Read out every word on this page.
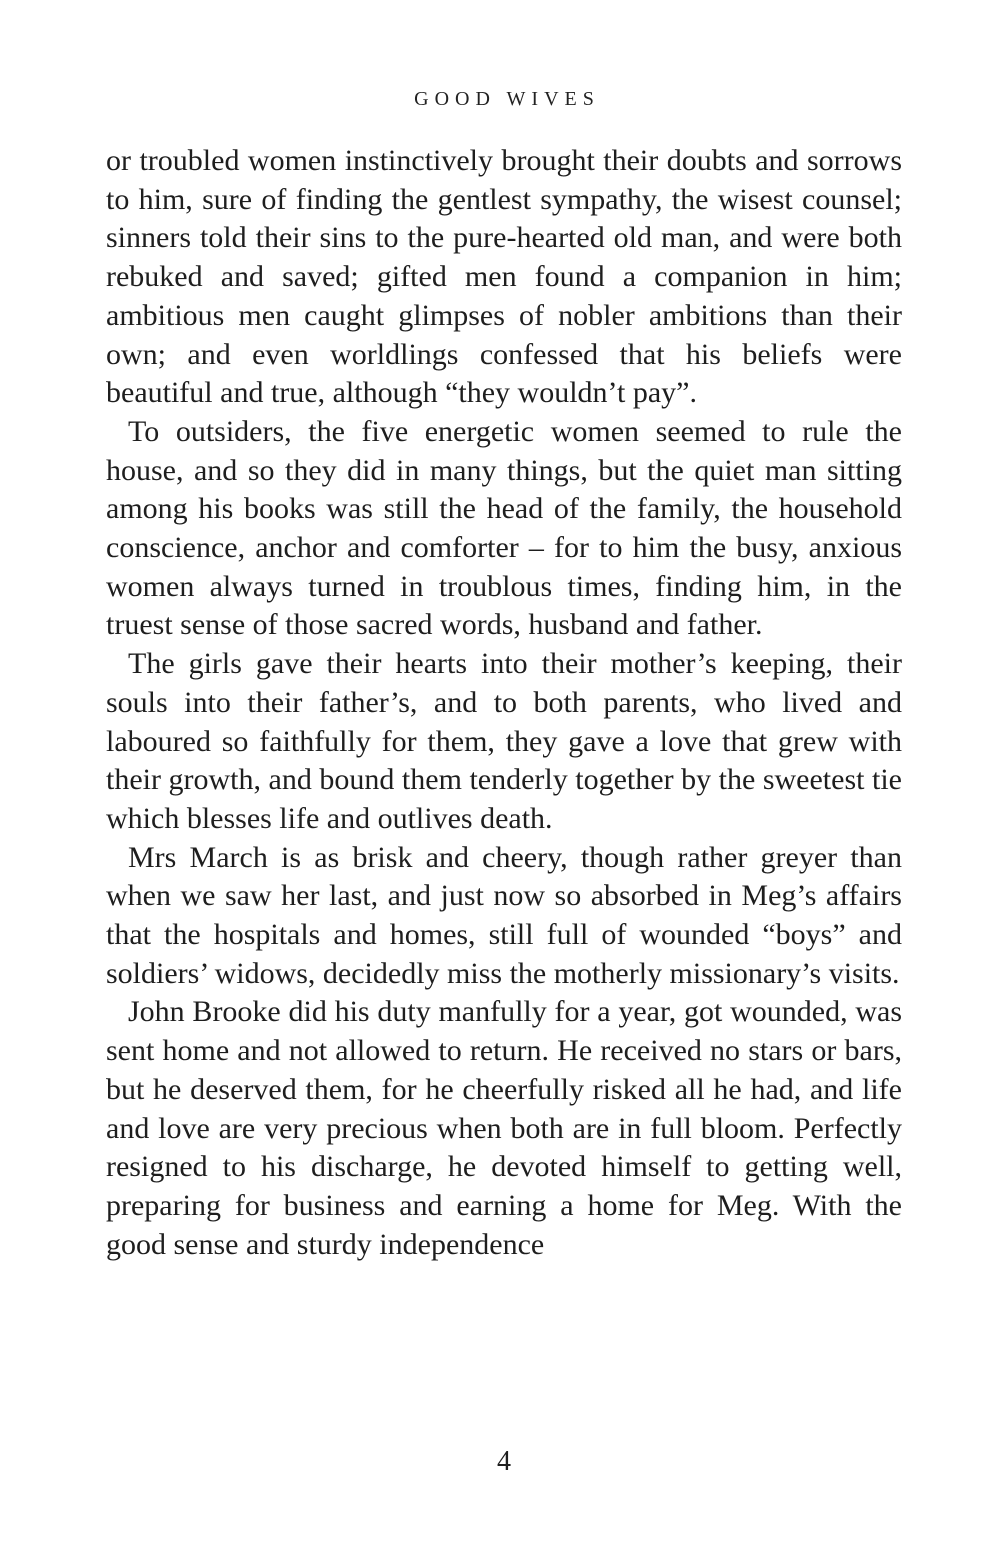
GOOD WIVES

or troubled women instinctively brought their doubts and sorrows to him, sure of finding the gentlest sympathy, the wisest counsel; sinners told their sins to the pure-hearted old man, and were both rebuked and saved; gifted men found a companion in him; ambitious men caught glimpses of nobler ambitions than their own; and even worldlings confessed that his beliefs were beautiful and true, although “they wouldn’t pay”.

To outsiders, the five energetic women seemed to rule the house, and so they did in many things, but the quiet man sitting among his books was still the head of the family, the household conscience, anchor and comforter – for to him the busy, anxious women always turned in troublous times, finding him, in the truest sense of those sacred words, husband and father.

The girls gave their hearts into their mother’s keeping, their souls into their father’s, and to both parents, who lived and laboured so faithfully for them, they gave a love that grew with their growth, and bound them tenderly together by the sweetest tie which blesses life and outlives death.

Mrs March is as brisk and cheery, though rather greyer than when we saw her last, and just now so absorbed in Meg’s affairs that the hospitals and homes, still full of wounded “boys” and soldiers’ widows, decidedly miss the motherly missionary’s visits.

John Brooke did his duty manfully for a year, got wounded, was sent home and not allowed to return. He received no stars or bars, but he deserved them, for he cheerfully risked all he had, and life and love are very precious when both are in full bloom. Perfectly resigned to his discharge, he devoted himself to getting well, preparing for business and earning a home for Meg. With the good sense and sturdy independence

4
